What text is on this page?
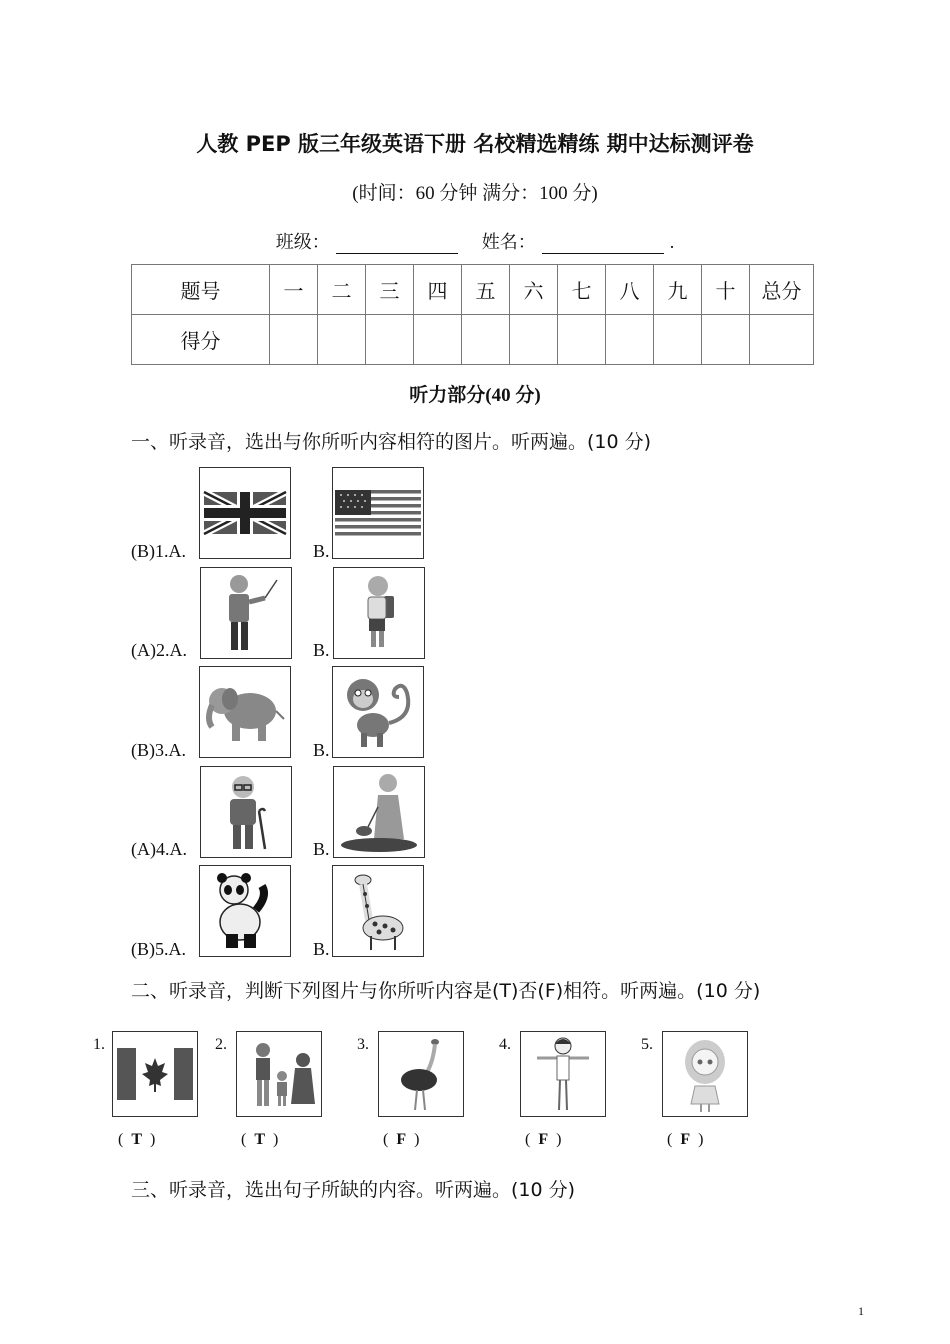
人教 PEP 版三年级英语下册 名校精选精练 期中达标测评卷
(时间：60 分钟 满分：100 分)
班级：	姓名：	.
题号	一	二	三	四	五	六	七	八	九	十	总分
得分											
听力部分(40 分)
一、听录音，选出与你所听内容相符的图片。听两遍。(10 分)
(B)1.A.	B.
(A)2.A.	B.
(B)3.A.	B.
(A)4.A.	B.
(B)5.A.	B.
二、听录音，判断下列图片与你所听内容是(T)否(F)相符。听两遍。(10 分)
1.	2.	3.	4.	5.
( T )	( T )	( F )	( F )	( F )
三、听录音，选出句子所缺的内容。听两遍。(10 分)
1
